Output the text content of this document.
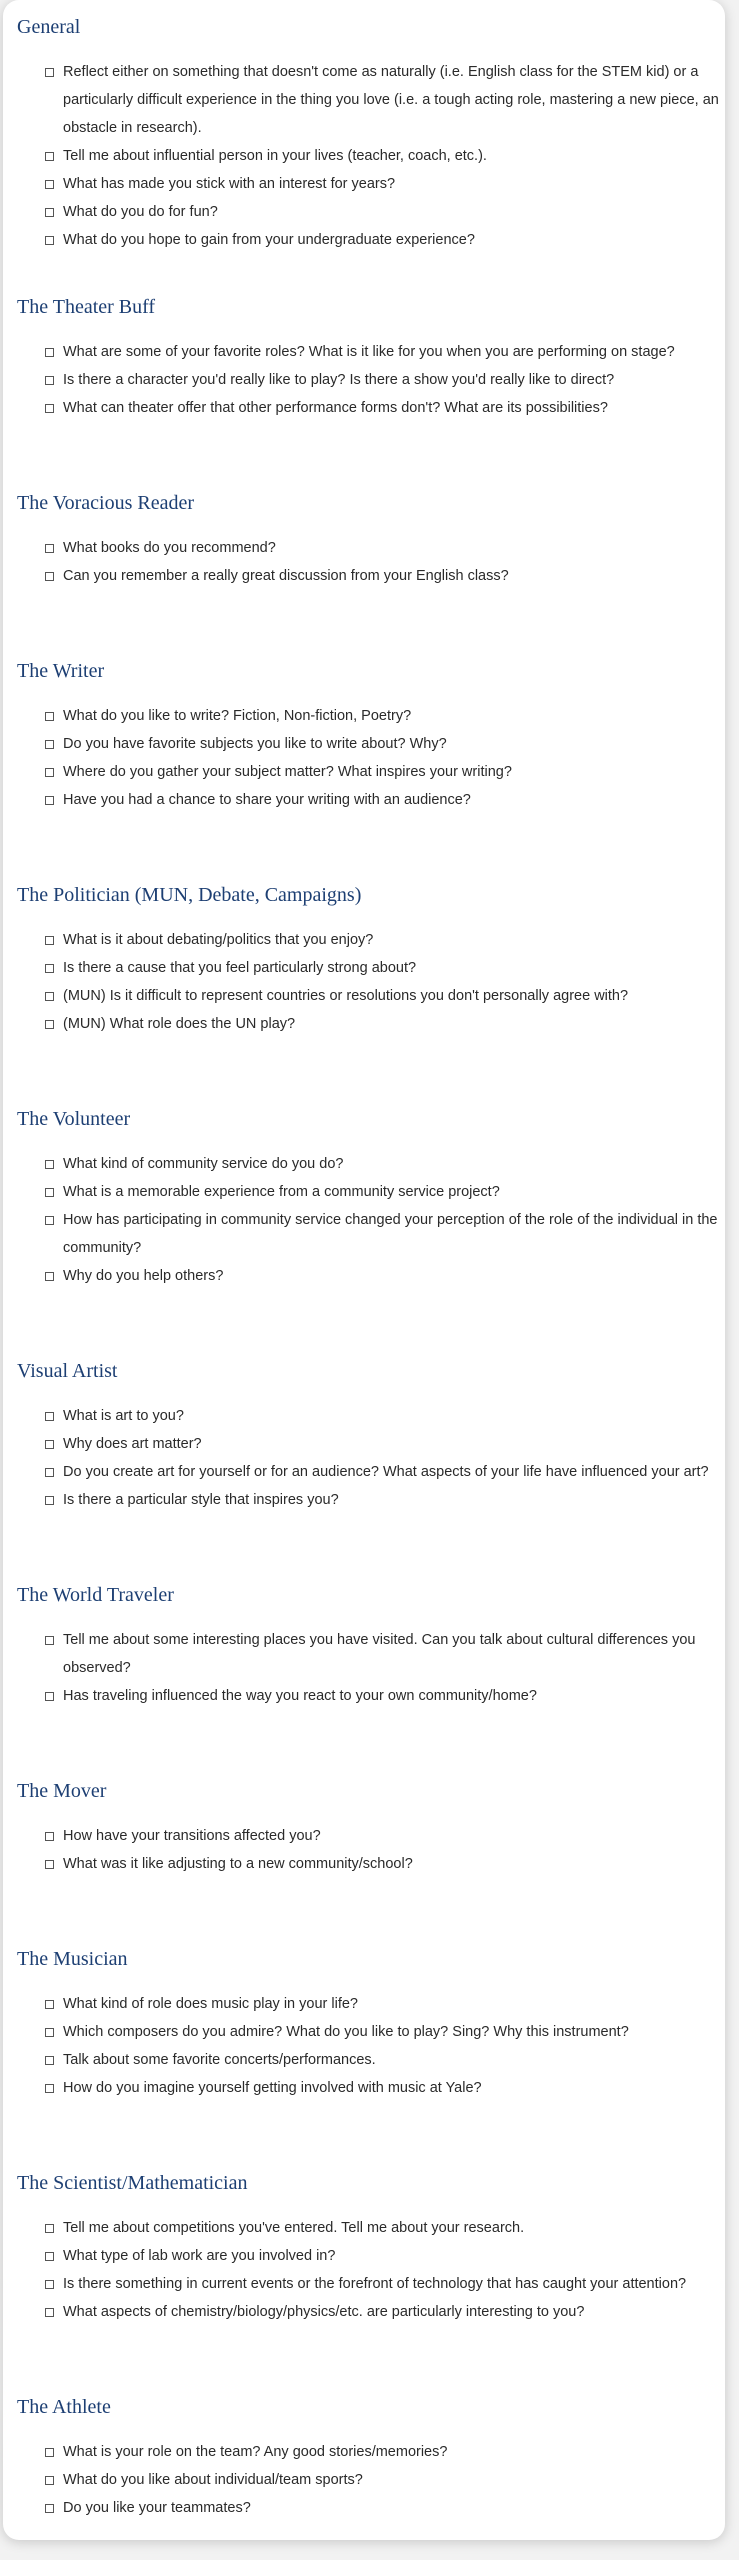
General
Reflect either on something that doesn't come as naturally (i.e. English class for the STEM kid) or a particularly difficult experience in the thing you love (i.e. a tough acting role, mastering a new piece, an obstacle in research).
Tell me about influential person in your lives (teacher, coach, etc.).
What has made you stick with an interest for years?
What do you do for fun?
What do you hope to gain from your undergraduate experience?
The Theater Buff
What are some of your favorite roles? What is it like for you when you are performing on stage?
Is there a character you'd really like to play? Is there a show you'd really like to direct?
What can theater offer that other performance forms don't? What are its possibilities?
The Voracious Reader
What books do you recommend?
Can you remember a really great discussion from your English class?
The Writer
What do you like to write? Fiction, Non-fiction, Poetry?
Do you have favorite subjects you like to write about? Why?
Where do you gather your subject matter? What inspires your writing?
Have you had a chance to share your writing with an audience?
The Politician (MUN, Debate, Campaigns)
What is it about debating/politics that you enjoy?
Is there a cause that you feel particularly strong about?
(MUN) Is it difficult to represent countries or resolutions you don't personally agree with?
(MUN) What role does the UN play?
The Volunteer
What kind of community service do you do?
What is a memorable experience from a community service project?
How has participating in community service changed your perception of the role of the individual in the community?
Why do you help others?
Visual Artist
What is art to you?
Why does art matter?
Do you create art for yourself or for an audience? What aspects of your life have influenced your art?
Is there a particular style that inspires you?
The World Traveler
Tell me about some interesting places you have visited. Can you talk about cultural differences you observed?
Has traveling influenced the way you react to your own community/home?
The Mover
How have your transitions affected you?
What was it like adjusting to a new community/school?
The Musician
What kind of role does music play in your life?
Which composers do you admire? What do you like to play? Sing? Why this instrument?
Talk about some favorite concerts/performances.
How do you imagine yourself getting involved with music at Yale?
The Scientist/Mathematician
Tell me about competitions you've entered. Tell me about your research.
What type of lab work are you involved in?
Is there something in current events or the forefront of technology that has caught your attention?
What aspects of chemistry/biology/physics/etc. are particularly interesting to you?
The Athlete
What is your role on the team? Any good stories/memories?
What do you like about individual/team sports?
Do you like your teammates?
